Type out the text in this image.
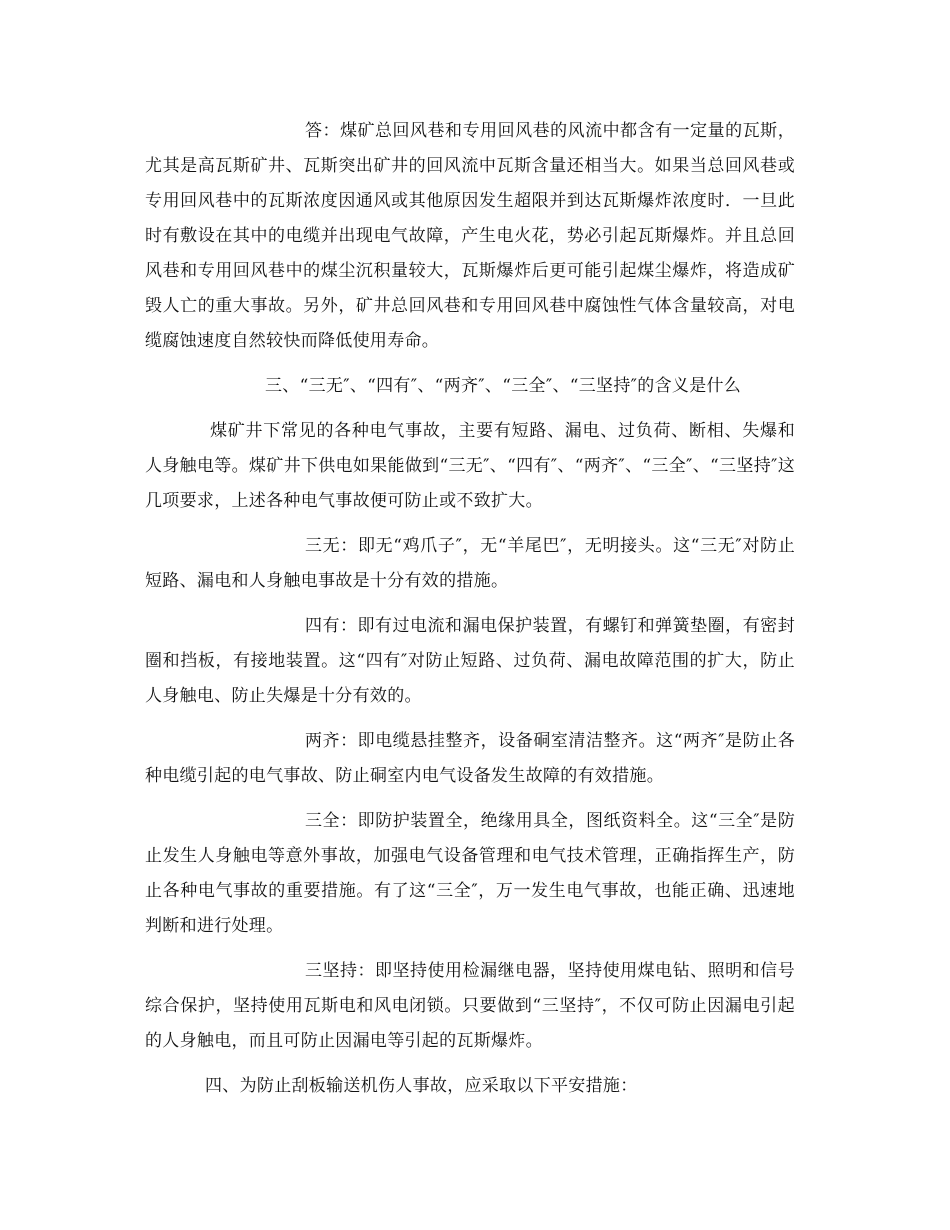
答：煤矿总回风巷和专用回风巷的风流中都含有一定量的瓦斯，尤其是高瓦斯矿井、瓦斯突出矿井的回风流中瓦斯含量还相当大。如果当总回风巷或专用回风巷中的瓦斯浓度因通风或其他原因发生超限并到达瓦斯爆炸浓度时．一旦此时有敷设在其中的电缆并出现电气故障，产生电火花，势必引起瓦斯爆炸。并且总回风巷和专用回风巷中的煤尘沉积量较大，瓦斯爆炸后更可能引起煤尘爆炸，将造成矿毁人亡的重大事故。另外，矿井总回风巷和专用回风巷中腐蚀性气体含量较高，对电缆腐蚀速度自然较快而降低使用寿命。

三、“三无″、“四有″、“两齐″、“三全″、“三坚持″的含义是什么

煤矿井下常见的各种电气事故，主要有短路、漏电、过负荷、断相、失爆和人身触电等。煤矿井下供电如果能做到“三无″、“四有″、“两齐″、“三全″、“三坚持″这几项要求，上述各种电气事故便可防止或不致扩大。

三无：即无“鸡爪子″，无“羊尾巴″，无明接头。这“三无″对防止短路、漏电和人身触电事故是十分有效的措施。

四有：即有过电流和漏电保护装置，有螺钉和弹簧垫圈，有密封圈和挡板，有接地装置。这“四有″对防止短路、过负荷、漏电故障范围的扩大，防止人身触电、防止失爆是十分有效的。

两齐：即电缆悬挂整齐，设备硐室清洁整齐。这“两齐″是防止各种电缆引起的电气事故、防止硐室内电气设备发生故障的有效措施。

三全：即防护装置全，绝缘用具全，图纸资料全。这“三全″是防止发生人身触电等意外事故，加强电气设备管理和电气技术管理，正确指挥生产，防止各种电气事故的重要措施。有了这“三全″，万一发生电气事故，也能正确、迅速地判断和进行处理。

三坚持：即坚持使用检漏继电器，坚持使用煤电钻、照明和信号综合保护，坚持使用瓦斯电和风电闭锁。只要做到“三坚持″，不仅可防止因漏电引起的人身触电，而且可防止因漏电等引起的瓦斯爆炸。

四、为防止刮板输送机伤人事故，应采取以下平安措施：
